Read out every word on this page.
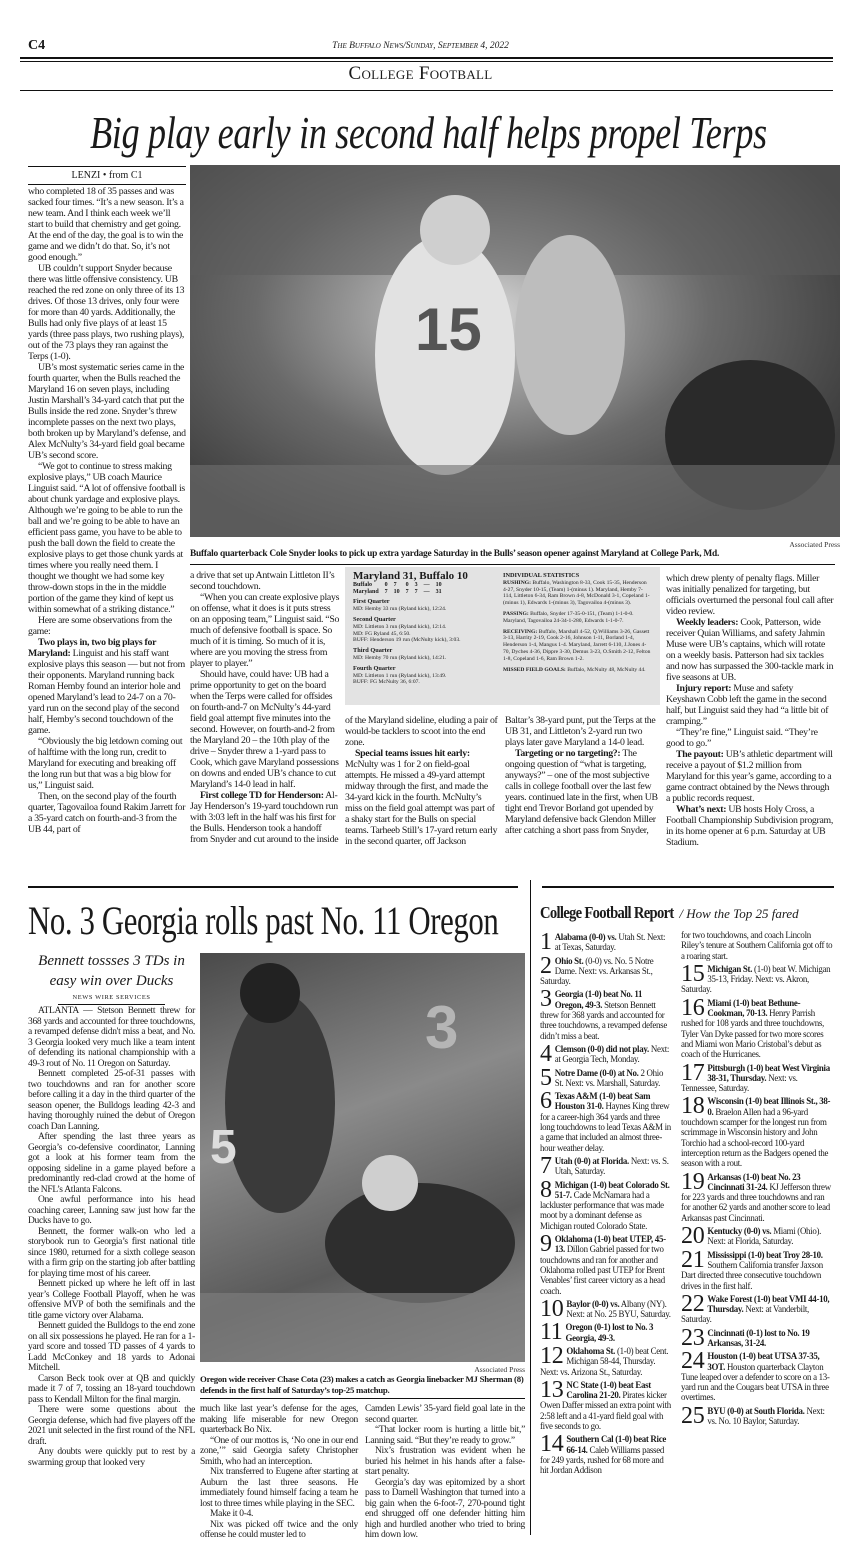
C4	The Buffalo News/Sunday, September 4, 2022
College Football
Big play early in second half helps propel Terps
LENZI • from C1

who completed 18 of 35 passes and was sacked four times. “It’s a new season. It’s a new team. And I think each week we’ll start to build that chemistry and get going. At the end of the day, the goal is to win the game and we didn’t do that. So, it’s not good enough.”

UB couldn’t support Snyder because there was little offensive consistency. UB reached the red zone on only three of its 13 drives. Of those 13 drives, only four were for more than 40 yards. Additionally, the Bulls had only five plays of at least 15 yards (three pass plays, two rushing plays), out of the 73 plays they ran against the Terps (1-0).

UB’s most systematic series came in the fourth quarter, when the Bulls reached the Maryland 16 on seven plays, including Justin Marshall’s 34-yard catch that put the Bulls inside the red zone. Snyder’s threw incomplete passes on the next two plays, both broken up by Maryland’s defense, and Alex McNulty’s 34-yard field goal became UB’s second score.

“We got to continue to stress making explosive plays,” UB coach Maurice Linguist said. “A lot of offensive football is about chunk yardage and explosive plays. Although we’re going to be able to run the ball and we’re going to be able to have an efficient pass game, you have to be able to push the ball down the field to create the explosive plays to get those chunk yards at times where you really need them. I thought we thought we had some key throw-down stops in the in the middle portion of the game they kind of kept us within somewhat of a striking distance.”

Here are some observations from the game:

Two plays in, two big plays for Maryland: Linguist and his staff want explosive plays this season — but not from their opponents. Maryland running back Roman Hemby found an interior hole and opened Maryland’s lead to 24-7 on a 70-yard run on the second play of the second half, Hemby’s second touchdown of the game.

“Obviously the big letdown coming out of halftime with the long run, credit to Maryland for executing and breaking off the long run but that was a big blow for us,” Linguist said.

Then, on the second play of the fourth quarter, Tagovailoa found Rakim Jarrett for a 35-yard catch on fourth-and-3 from the UB 44, part of

15
Associated Press
Buffalo quarterback Cole Snyder looks to pick up extra yardage Saturday in the Bulls’ season opener against Maryland at College Park, Md.

a drive that set up Antwain Littleton II’s second touchdown.

“When you can create explosive plays on offense, what it does is it puts stress on an opposing team,” Linguist said. “So much of defensive football is space. So much of it is timing. So much of it is, where are you moving the stress from player to player.”

Should have, could have: UB had a prime opportunity to get on the board when the Terps were called for offsides on fourth-and-7 on McNulty’s 44-yard field goal attempt five minutes into the second. However, on fourth-and-2 from the Maryland 20 – the 10th play of the drive – Snyder threw a 1-yard pass to Cook, which gave Maryland possessions on downs and ended UB’s chance to cut Maryland’s 14-0 lead in half.

First college TD for Henderson: Al-Jay Henderson’s 19-yard touchdown run with 3:03 left in the half was his first for the Bulls. Henderson took a handoff from Snyder and cut around to the inside

Maryland 31, Buffalo 10
Buffalo	0	7	0	3	—	10
Maryland	7	10	7	7	—	31
First Quarter
MD: Hemby 33 run (Ryland kick), 12:24.
Second Quarter
MD: Littleton 3 run (Ryland kick), 12:14.
MD: FG Ryland 45, 6:50.
BUFF: Henderson 19 run (McNulty kick), 3:03.
Third Quarter
MD: Hemby 70 run (Ryland kick), 14:21.
Fourth Quarter
MD: Littleton 1 run (Ryland kick), 13:49.
BUFF: FG McNulty 36, 6:07.
INDIVIDUAL STATISTICS

RUSHING: Buffalo, Washington 8-33, Cook 15-35, Henderson 4-27, Snyder 10-15, (Team) 1-(minus 1). Maryland, Hemby 7-114, Littleton 6-34, Ram Brown 4-8, McDonald 3-1, Copeland 1-(minus 1), Edwards 1-(minus 3), Tagovailoa 4-(minus 3).

PASSING: Buffalo, Snyder 17-35-0-151, (Team) 1-1-0-0. Maryland, Tagovailoa 24-34-1-280, Edwards 1-1-0-7.

RECEIVING: Buffalo, Marshall 4-52, Q.Williams 3-26, Gassett 3-13, Harrity 2-19, Cook 2-16, Johnson 1-11, Borland 1-4, Henderson 1-4, Mangus 1-4. Maryland, Jarrett 6-110, J.Jones 4-70, Dyches 4-36, Dippre 3-30, Demus 3-23, O.Smith 2-12, Felton 1-8, Copeland 1-6, Ram Brown 1-2.

MISSED FIELD GOALS: Buffalo, McNulty 48, McNulty 44.

of the Maryland sideline, eluding a pair of would-be tacklers to scoot into the end zone.

Special teams issues hit early: McNulty was 1 for 2 on field-goal attempts. He missed a 49-yard attempt midway through the first, and made the 34-yard kick in the fourth. McNulty’s miss on the field goal attempt was part of a shaky start for the Bulls on special teams. Tarheeb Still’s 17-yard return early in the second quarter, off Jackson

Baltar’s 38-yard punt, put the Terps at the UB 31, and Littleton’s 2-yard run two plays later gave Maryland a 14-0 lead.

Targeting or no targeting?: The ongoing question of “what is targeting, anyways?” – one of the most subjective calls in college football over the last few years. continued late in the first, when UB tight end Trevor Borland got upended by Maryland defensive back Glendon Miller after catching a short pass from Snyder,

which drew plenty of penalty flags. Miller was initially penalized for targeting, but officials overturned the personal foul call after video review.

Weekly leaders: Cook, Patterson, wide receiver Quian Williams, and safety Jahmin Muse were UB’s captains, which will rotate on a weekly basis. Patterson had six tackles and now has surpassed the 300-tackle mark in five seasons at UB.

Injury report: Muse and safety Keyshawn Cobb left the game in the second half, but Linguist said they had “a little bit of cramping.”

“They’re fine,” Linguist said. “They’re good to go.”

The payout: UB’s athletic department will receive a payout of $1.2 million from Maryland for this year’s game, according to a game contract obtained by the News through a public records request.

What’s next: UB hosts Holy Cross, a Football Championship Subdivision program, in its home opener at 6 p.m. Saturday at UB Stadium.

No. 3 Georgia rolls past No. 11 Oregon
Bennett tossses 3 TDs in easy win over Ducks
NEWS WIRE SERVICES

ATLANTA — Stetson Bennett threw for 368 yards and accounted for three touchdowns, a revamped defense didn't miss a beat, and No. 3 Georgia looked very much like a team intent of defending its national championship with a 49-3 rout of No. 11 Oregon on Saturday.

Bennett completed 25-of-31 passes with two touchdowns and ran for another score before calling it a day in the third quarter of the season opener, the Bulldogs leading 42-3 and having thoroughly ruined the debut of Oregon coach Dan Lanning.

After spending the last three years as Georgia’s co-defensive coordinator, Lanning got a look at his former team from the opposing sideline in a game played before a predominantly red-clad crowd at the home of the NFL’s Atlanta Falcons.

One awful performance into his head coaching career, Lanning saw just how far the Ducks have to go.

Bennett, the former walk-on who led a storybook run to Georgia’s first national title since 1980, returned for a sixth college season with a firm grip on the starting job after battling for playing time most of his career.

Bennett picked up where he left off in last year’s College Football Playoff, when he was offensive MVP of both the semifinals and the title game victory over Alabama.

Bennett guided the Bulldogs to the end zone on all six possessions he played. He ran for a 1-yard score and tossed TD passes of 4 yards to Ladd McConkey and 18 yards to Adonai Mitchell.

Carson Beck took over at QB and quickly made it 7 of 7, tossing an 18-yard touchdown pass to Kendall Milton for the final margin.

There were some questions about the Georgia defense, which had five players off the 2021 unit selected in the first round of the NFL draft.

Any doubts were quickly put to rest by a swarming group that looked very

5
3
Associated Press
Oregon wide receiver Chase Cota (23) makes a catch as Georgia linebacker MJ Sherman (8) defends in the first half of Saturday’s top-25 matchup.

much like last year’s defense for the ages, making life miserable for new Oregon quarterback Bo Nix.

“One of our mottos is, ‘No one in our end zone,’” said Georgia safety Christopher Smith, who had an interception.

Nix transferred to Eugene after starting at Auburn the last three seasons. He immediately found himself facing a team he lost to three times while playing in the SEC.

Make it 0-4.

Nix was picked off twice and the only offense he could muster led to

Camden Lewis’ 35-yard field goal late in the second quarter.

“That locker room is hurting a little bit,” Lanning said. “But they’re ready to grow.”

Nix’s frustration was evident when he buried his helmet in his hands after a false-start penalty.

Georgia’s day was epitomized by a short pass to Darnell Washington that turned into a big gain when the 6-foot-7, 270-pound tight end shrugged off one defender hitting him high and hurdled another who tried to bring him down low.

College Football Report / How the Top 25 fared
1 Alabama (0-0) vs. Utah St. Next: at Texas, Saturday.
2 Ohio St. (0-0) vs. No. 5 Notre Dame. Next: vs. Arkansas St., Saturday.
3 Georgia (1-0) beat No. 11 Oregon, 49-3. Stetson Bennett threw for 368 yards and accounted for three touchdowns, a revamped defense didn’t miss a beat.
4 Clemson (0-0) did not play. Next: at Georgia Tech, Monday.
5 Notre Dame (0-0) at No. 2 Ohio St. Next: vs. Marshall, Saturday.
6 Texas A&M (1-0) beat Sam Houston 31-0. Haynes King threw for a career-high 364 yards and three long touchdowns to lead Texas A&M in a game that included an almost three-hour weather delay.
7 Utah (0-0) at Florida. Next: vs. S. Utah, Saturday.
8 Michigan (1-0) beat Colorado St. 51-7. Cade McNamara had a lackluster performance that was made moot by a dominant defense as Michigan routed Colorado State.
9 Oklahoma (1-0) beat UTEP, 45-13. Dillon Gabriel passed for two touchdowns and ran for another and Oklahoma rolled past UTEP for Brent Venables’ first career victory as a head coach.
10 Baylor (0-0) vs. Albany (NY). Next: at No. 25 BYU, Saturday.
11 Oregon (0-1) lost to No. 3 Georgia, 49-3.
12 Oklahoma St. (1-0) beat Cent. Michigan 58-44, Thursday. Next: vs. Arizona St., Saturday.
13 NC State (1-0) beat East Carolina 21-20. Pirates kicker Owen Daffer missed an extra point with 2:58 left and a 41-yard field goal with five seconds to go.
14 Southern Cal (1-0) beat Rice 66-14. Caleb Williams passed for 249 yards, rushed for 68 more and hit Jordan Addison
for two touchdowns, and coach Lincoln Riley’s tenure at Southern California got off to a roaring start.
15 Michigan St. (1-0) beat W. Michigan 35-13, Friday. Next: vs. Akron, Saturday.
16 Miami (1-0) beat Bethune-Cookman, 70-13. Henry Parrish rushed for 108 yards and three touchdowns, Tyler Van Dyke passed for two more scores and Miami won Mario Cristobal’s debut as coach of the Hurricanes.
17 Pittsburgh (1-0) beat West Virginia 38-31, Thursday. Next: vs. Tennessee, Saturday.
18 Wisconsin (1-0) beat Illinois St., 38-0. Braelon Allen had a 96-yard touchdown scamper for the longest run from scrimmage in Wisconsin history and John Torchio had a school-record 100-yard interception return as the Badgers opened the season with a rout.
19 Arkansas (1-0) beat No. 23 Cincinnati 31-24. KJ Jefferson threw for 223 yards and three touchdowns and ran for another 62 yards and another score to lead Arkansas past Cincinnati.
20 Kentucky (0-0) vs. Miami (Ohio). Next: at Florida, Saturday.
21 Mississippi (1-0) beat Troy 28-10. Southern California transfer Jaxson Dart directed three consecutive touchdown drives in the first half.
22 Wake Forest (1-0) beat VMI 44-10, Thursday. Next: at Vanderbilt, Saturday.
23 Cincinnati (0-1) lost to No. 19 Arkansas, 31-24.
24 Houston (1-0) beat UTSA 37-35, 3OT. Houston quarterback Clayton Tune leaped over a defender to score on a 13-yard run and the Cougars beat UTSA in three overtimes.
25 BYU (0-0) at South Florida. Next: vs. No. 10 Baylor, Saturday.
